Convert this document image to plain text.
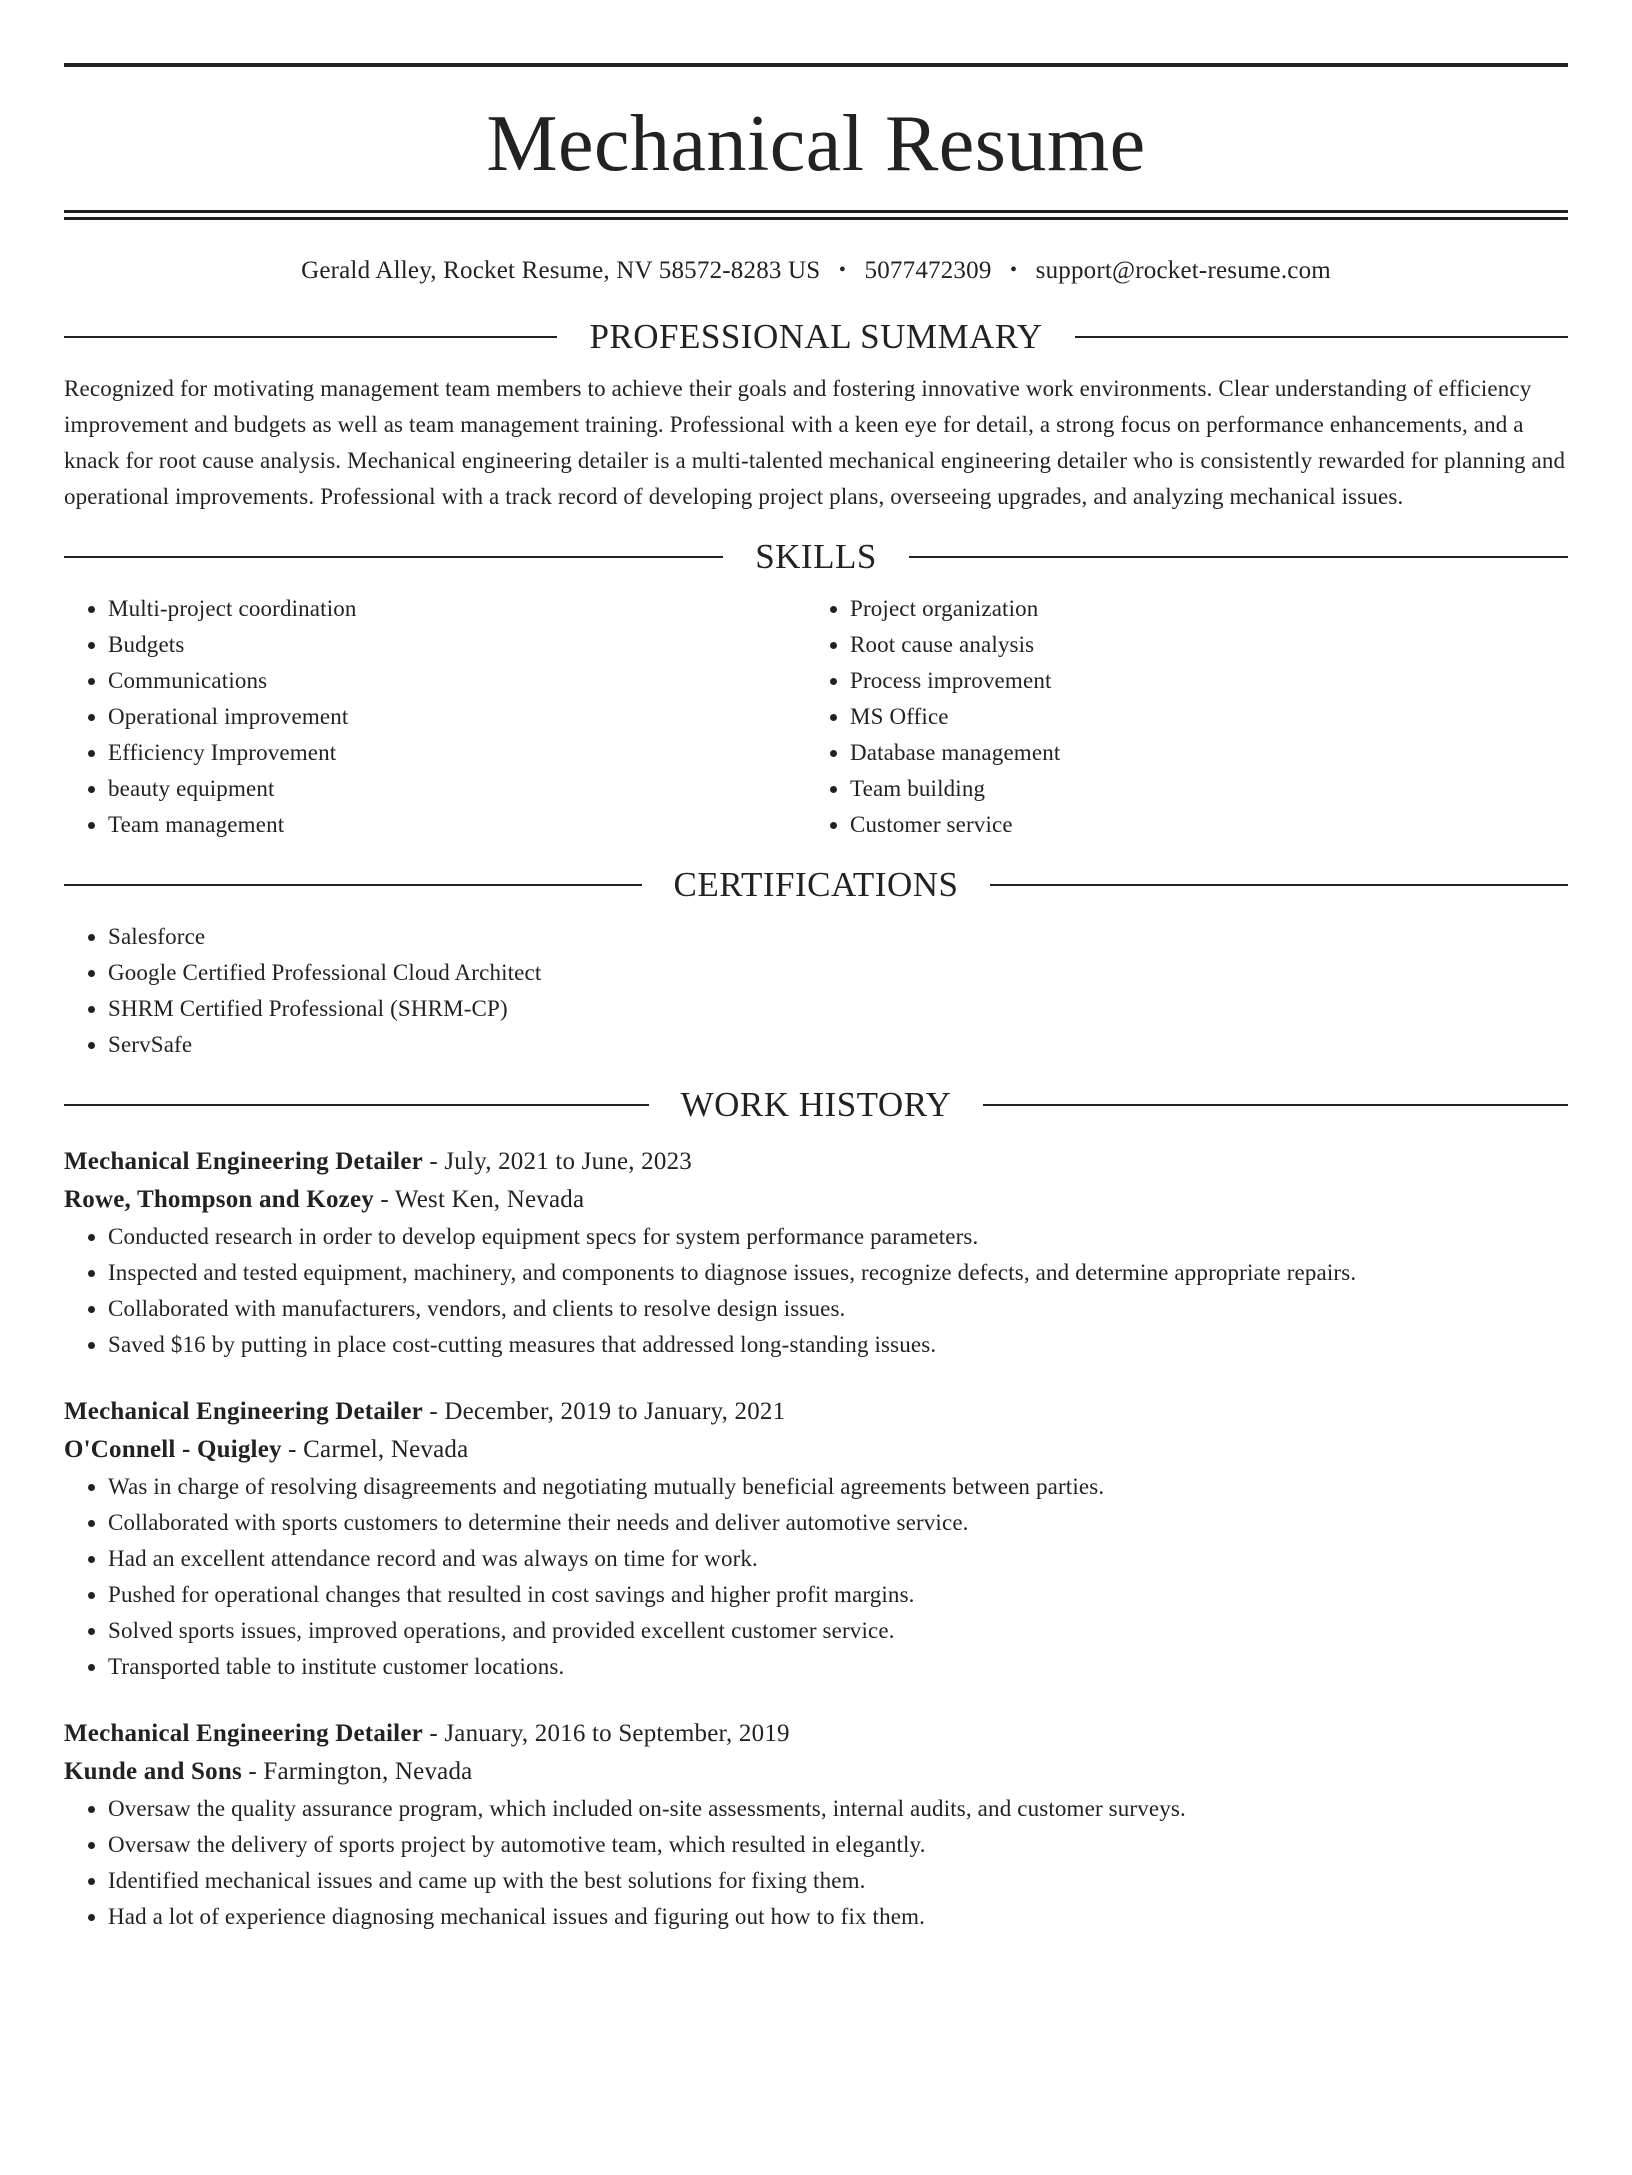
Mechanical Resume
Gerald Alley, Rocket Resume, NV 58572-8283 US • 5077472309 • support@rocket-resume.com
PROFESSIONAL SUMMARY

Recognized for motivating management team members to achieve their goals and fostering innovative work environments. Clear understanding of efficiency improvement and budgets as well as team management training. Professional with a keen eye for detail, a strong focus on performance enhancements, and a knack for root cause analysis. Mechanical engineering detailer is a multi-talented mechanical engineering detailer who is consistently rewarded for planning and operational improvements. Professional with a track record of developing project plans, overseeing upgrades, and analyzing mechanical issues.

SKILLS
• Multi-project coordination
• Budgets
• Communications
• Operational improvement
• Efficiency Improvement
• beauty equipment
• Team management
• Project organization
• Root cause analysis
• Process improvement
• MS Office
• Database management
• Team building
• Customer service
CERTIFICATIONS
• Salesforce
• Google Certified Professional Cloud Architect
• SHRM Certified Professional (SHRM-CP)
• ServSafe
WORK HISTORY
Mechanical Engineering Detailer - July, 2021 to June, 2023
Rowe, Thompson and Kozey - West Ken, Nevada
• Conducted research in order to develop equipment specs for system performance parameters.
• Inspected and tested equipment, machinery, and components to diagnose issues, recognize defects, and determine appropriate repairs.
• Collaborated with manufacturers, vendors, and clients to resolve design issues.
• Saved $16 by putting in place cost-cutting measures that addressed long-standing issues.
Mechanical Engineering Detailer - December, 2019 to January, 2021
O'Connell - Quigley - Carmel, Nevada
• Was in charge of resolving disagreements and negotiating mutually beneficial agreements between parties.
• Collaborated with sports customers to determine their needs and deliver automotive service.
• Had an excellent attendance record and was always on time for work.
• Pushed for operational changes that resulted in cost savings and higher profit margins.
• Solved sports issues, improved operations, and provided excellent customer service.
• Transported table to institute customer locations.
Mechanical Engineering Detailer - January, 2016 to September, 2019
Kunde and Sons - Farmington, Nevada
• Oversaw the quality assurance program, which included on-site assessments, internal audits, and customer surveys.
• Oversaw the delivery of sports project by automotive team, which resulted in elegantly.
• Identified mechanical issues and came up with the best solutions for fixing them.
• Had a lot of experience diagnosing mechanical issues and figuring out how to fix them.
